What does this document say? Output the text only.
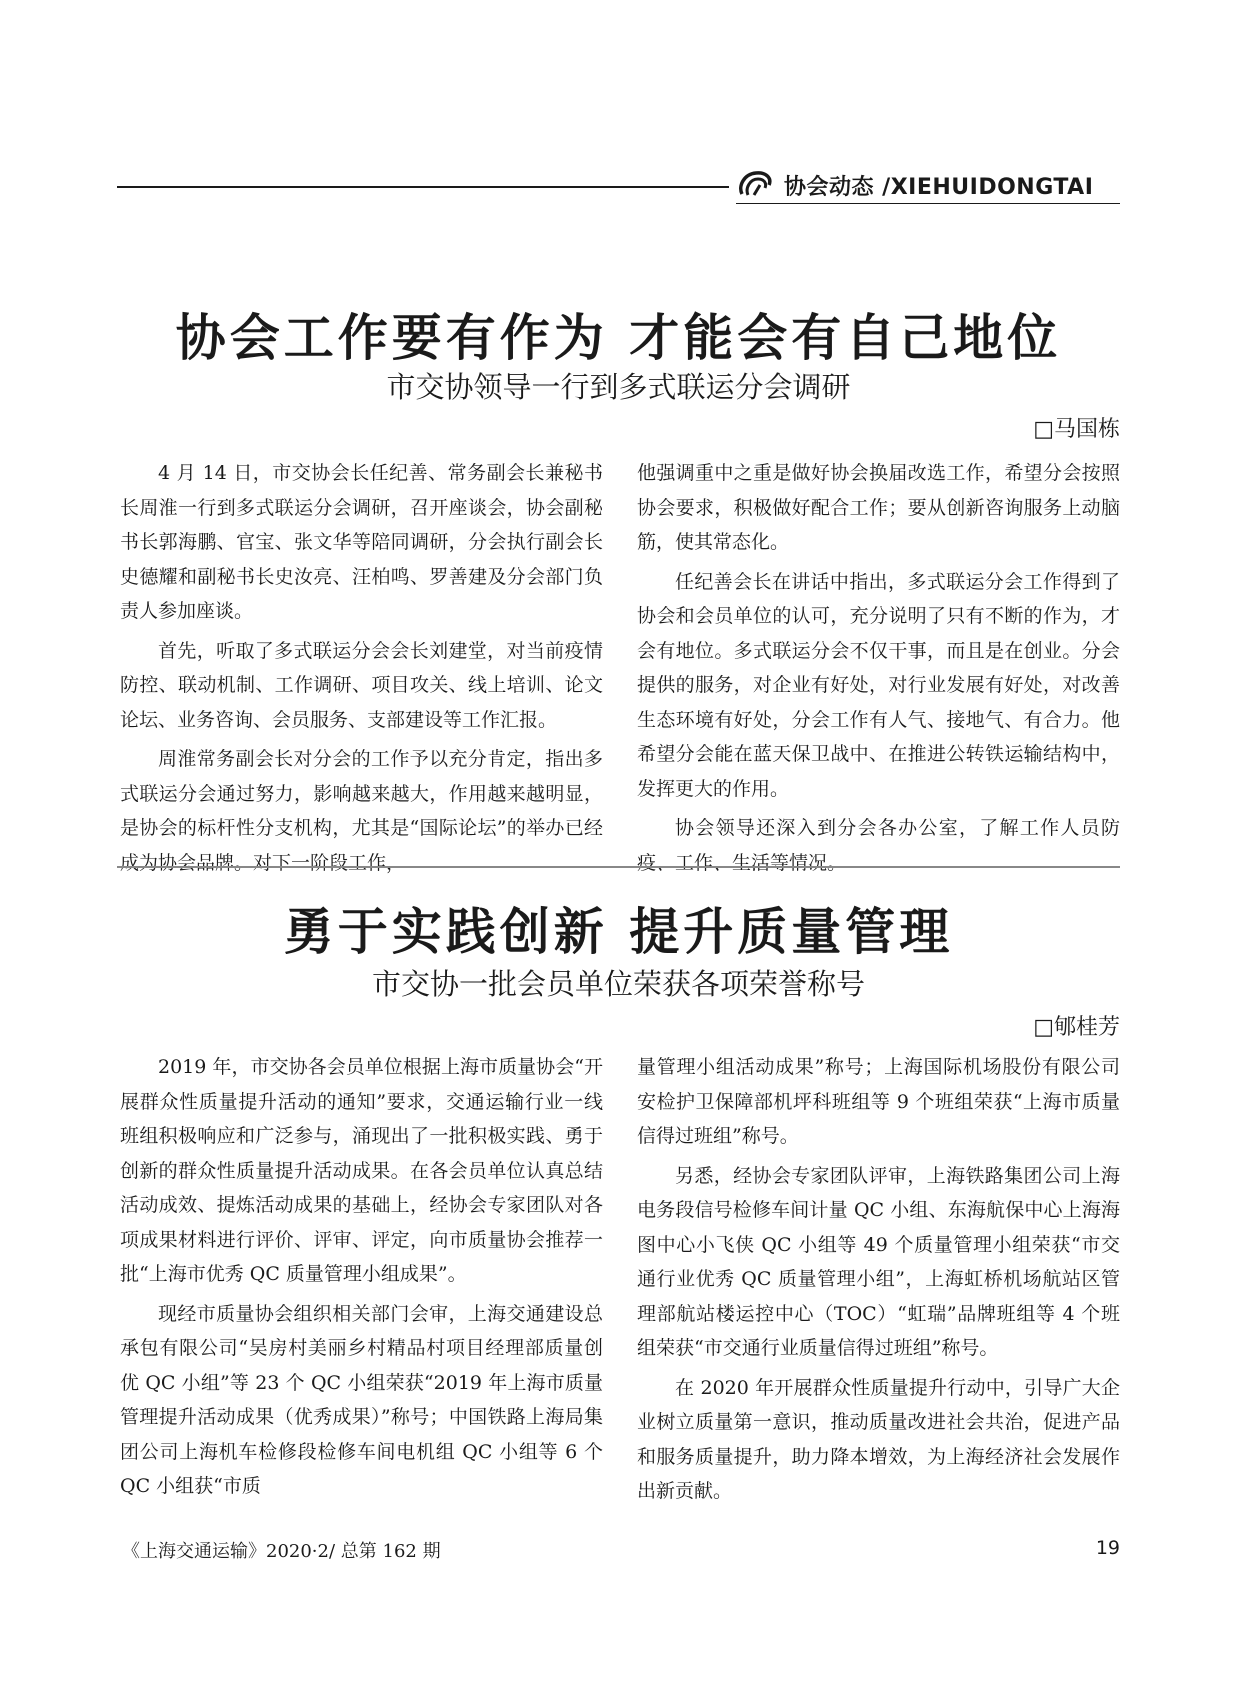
协会动态 /XIEHUIDONGTAI
协会工作要有作为 才能会有自己地位
市交协领导一行到多式联运分会调研
□马国栋

4 月 14 日，市交协会长任纪善、常务副会长兼秘书长周淮一行到多式联运分会调研，召开座谈会，协会副秘书长郭海鹏、官宝、张文华等陪同调研，分会执行副会长史德耀和副秘书长史汝亮、汪柏鸣、罗善建及分会部门负责人参加座谈。

首先，听取了多式联运分会会长刘建堂，对当前疫情防控、联动机制、工作调研、项目攻关、线上培训、论文论坛、业务咨询、会员服务、支部建设等工作汇报。

周淮常务副会长对分会的工作予以充分肯定，指出多式联运分会通过努力，影响越来越大，作用越来越明显，是协会的标杆性分支机构，尤其是“国际论坛”的举办已经成为协会品牌。对下一阶段工作，

他强调重中之重是做好协会换届改选工作，希望分会按照协会要求，积极做好配合工作；要从创新咨询服务上动脑筋，使其常态化。

任纪善会长在讲话中指出，多式联运分会工作得到了协会和会员单位的认可，充分说明了只有不断的作为，才会有地位。多式联运分会不仅干事，而且是在创业。分会提供的服务，对企业有好处，对行业发展有好处，对改善生态环境有好处，分会工作有人气、接地气、有合力。他希望分会能在蓝天保卫战中、在推进公转铁运输结构中，发挥更大的作用。

协会领导还深入到分会各办公室，了解工作人员防疫、工作、生活等情况。

勇于实践创新 提升质量管理
市交协一批会员单位荣获各项荣誉称号
□郇桂芳

2019 年，市交协各会员单位根据上海市质量协会“开展群众性质量提升活动的通知”要求，交通运输行业一线班组积极响应和广泛参与，涌现出了一批积极实践、勇于创新的群众性质量提升活动成果。在各会员单位认真总结活动成效、提炼活动成果的基础上，经协会专家团队对各项成果材料进行评价、评审、评定，向市质量协会推荐一批“上海市优秀 QC 质量管理小组成果”。

现经市质量协会组织相关部门会审，上海交通建设总承包有限公司“吴房村美丽乡村精品村项目经理部质量创优 QC 小组”等 23 个 QC 小组荣获“2019 年上海市质量管理提升活动成果（优秀成果）”称号；中国铁路上海局集团公司上海机车检修段检修车间电机组 QC 小组等 6 个 QC 小组获“市质

量管理小组活动成果”称号；上海国际机场股份有限公司安检护卫保障部机坪科班组等 9 个班组荣获“上海市质量信得过班组”称号。

另悉，经协会专家团队评审，上海铁路集团公司上海电务段信号检修车间计量 QC 小组、东海航保中心上海海图中心小飞侠 QC 小组等 49 个质量管理小组荣获“市交通行业优秀 QC 质量管理小组”，上海虹桥机场航站区管理部航站楼运控中心（TOC）“虹瑞”品牌班组等 4 个班组荣获“市交通行业质量信得过班组”称号。

在 2020 年开展群众性质量提升行动中，引导广大企业树立质量第一意识，推动质量改进社会共治，促进产品和服务质量提升，助力降本增效，为上海经济社会发展作出新贡献。

《上海交通运输》2020·2/ 总第 162 期	19
